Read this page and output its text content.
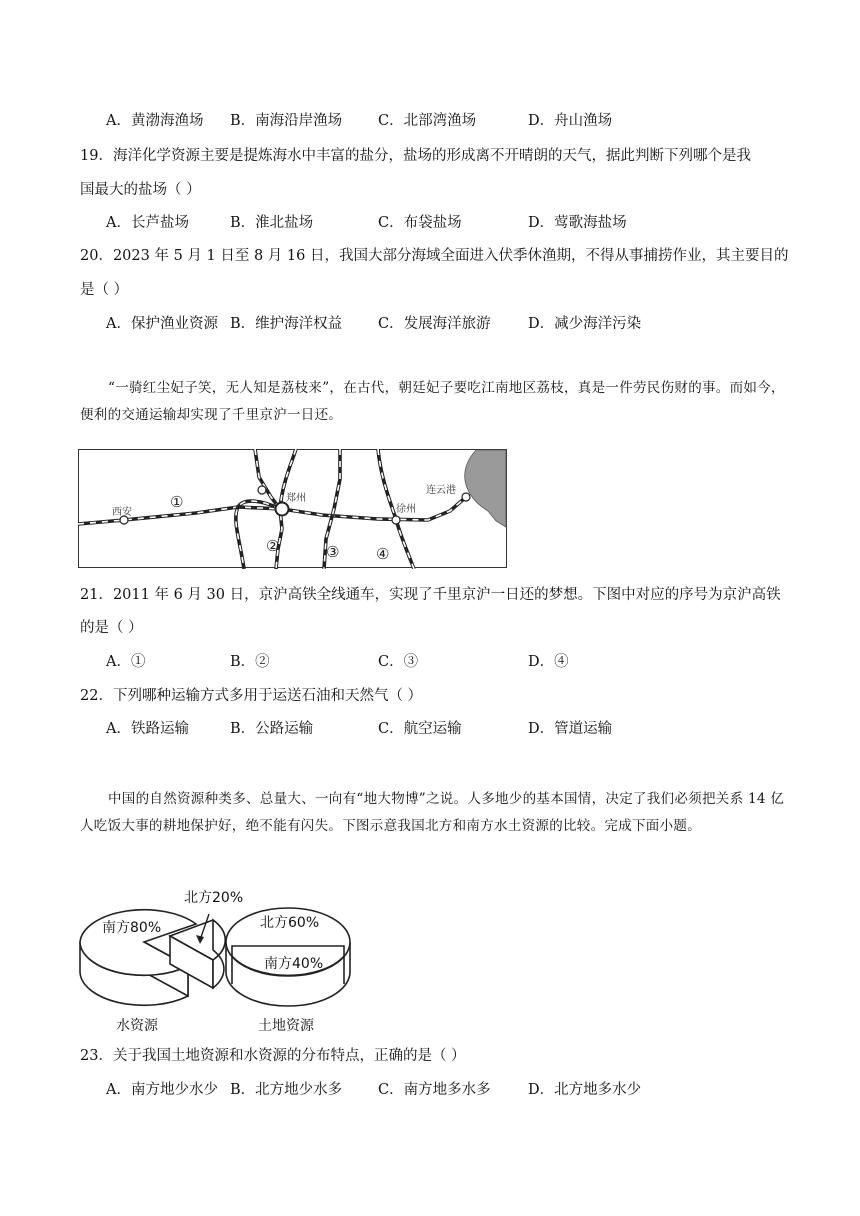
A．黄渤海渔场 B．南海沿岸渔场 C．北部湾渔场	D．舟山渔场
19．海洋化学资源主要是提炼海水中丰富的盐分，盐场的形成离不开晴朗的天气，据此判断下列哪个是我
国最大的盐场（ ）
A．长芦盐场	B．淮北盐场	C．布袋盐场	D．莺歌海盐场
20．2023 年 5 月 1 日至 8 月 16 日，我国大部分海域全面进入伏季休渔期，不得从事捕捞作业，其主要目的
是（ ）
A．保护渔业资源 B．维护海洋权益 C．发展海洋旅游	D．减少海洋污染
“一骑红尘妃子笑，无人知是荔枝来”，在古代，朝廷妃子要吃江南地区荔枝，真是一件劳民伤财的事。而如今，便利的交通运输却实现了千里京沪一日还。
西安
郑州
徐州
连云港
①
②	③ ④
21．2011 年 6 月 30 日，京沪高铁全线通车，实现了千里京沪一日还的梦想。下图中对应的序号为京沪高铁
的是（ ）
A．①	B．②	C．③	D．④
22．下列哪种运输方式多用于运送石油和天然气（ ）
A．铁路运输	B．公路运输	C．航空运输	D．管道运输
中国的自然资源种类多、总量大、一向有“地大物博”之说。人多地少的基本国情，决定了我们必须把关系 14 亿人吃饭大事的耕地保护好，绝不能有闪失。下图示意我国北方和南方水土资源的比较。完成下面小题。
北方20%
南方80%	北方60%
南方40%
水资源	土地资源
23．关于我国土地资源和水资源的分布特点，正确的是（ ）
A．南方地少水少 B．北方地少水多 C．南方地多水多	D．北方地多水少
